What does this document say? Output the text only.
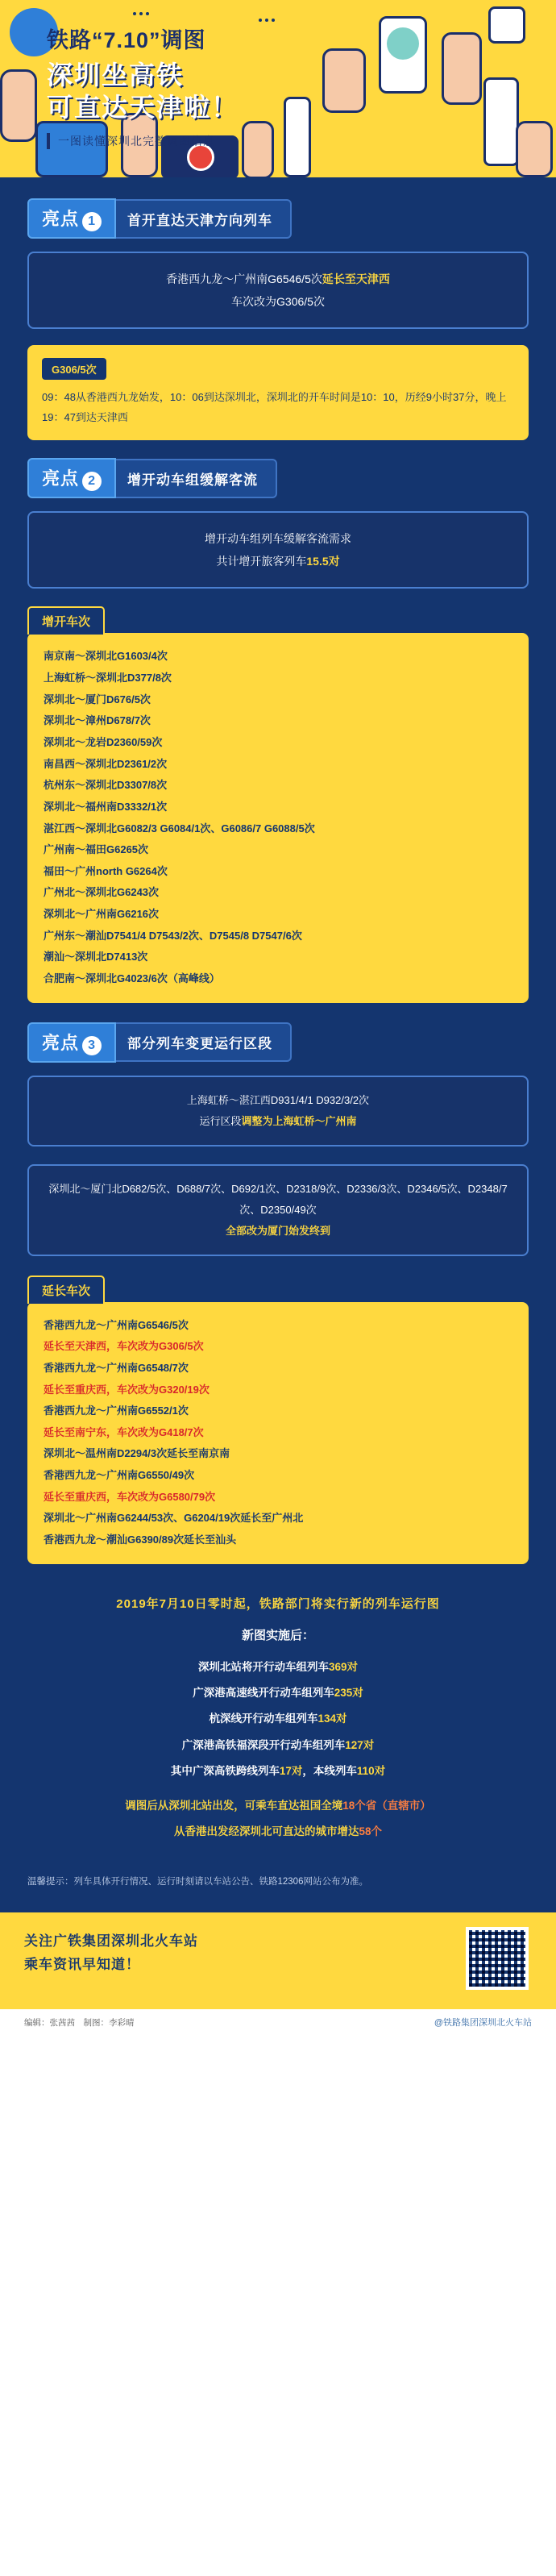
铁路“7.10”调图
深圳坐高铁
可直达天津啦！
一图读懂深圳北完整调图信息
亮点 1	首开直达天津方向列车
香港西九龙～广州南G6546/5次延长至天津西
车次改为G306/5次
G306/5次

09：48从香港西九龙始发，10：06到达深圳北，深圳北的开车时间是10：10，历经9小时37分，晚上19：47到达天津西

亮点 2	增开动车组缓解客流
增开动车组列车缓解客流需求
共计增开旅客列车15.5对
增开车次
南京南～深圳北G1603/4次
上海虹桥～深圳北D377/8次
深圳北～厦门D676/5次
深圳北～漳州D678/7次
深圳北～龙岩D2360/59次
南昌西～深圳北D2361/2次
杭州东～深圳北D3307/8次
深圳北～福州南D3332/1次
湛江西～深圳北G6082/3 G6084/1次、G6086/7 G6088/5次
广州南～福田G6265次
福田～广州north G6264次
广州北～深圳北G6243次
深圳北～广州南G6216次
广州东～潮汕D7541/4 D7543/2次、D7545/8 D7547/6次
潮汕～深圳北D7413次
合肥南～深圳北G4023/6次（高峰线）
亮点 3	部分列车变更运行区段
上海虹桥～湛江西D931/4/1 D932/3/2次
运行区段调整为上海虹桥～广州南
深圳北～厦门北D682/5次、D688/7次、D692/1次、D2318/9次、D2336/3次、D2346/5次、D2348/7次、D2350/49次
全部改为厦门始发终到
延长车次
香港西九龙～广州南G6546/5次
延长至天津西，车次改为G306/5次
香港西九龙～广州南G6548/7次
延长至重庆西，车次改为G320/19次
香港西九龙～广州南G6552/1次
延长至南宁东，车次改为G418/7次
深圳北～温州南D2294/3次延长至南京南
香港西九龙～广州南G6550/49次
延长至重庆西，车次改为G6580/79次
深圳北～广州南G6244/53次、G6204/19次延长至广州北
香港西九龙～潮汕G6390/89次延长至汕头
2019年7月10日零时起，铁路部门将实行新的列车运行图
新图实施后：
深圳北站将开行动车组列车369对
广深港高速线开行动车组列车235对
杭深线开行动车组列车134对
广深港高铁福深段开行动车组列车127对
其中广深高铁跨线列车17对，本线列车110对
调图后从深圳北站出发，可乘车直达祖国全境18个省（直辖市）
从香港出发经深圳北可直达的城市增达58个
温馨提示：列车具体开行情况、运行时刻请以车站公告、铁路12306网站公布为准。
关注广铁集团深圳北火车站
乘车资讯早知道！
编辑：张茜茜　制图：李彩晴	@铁路集团深圳北火车站
